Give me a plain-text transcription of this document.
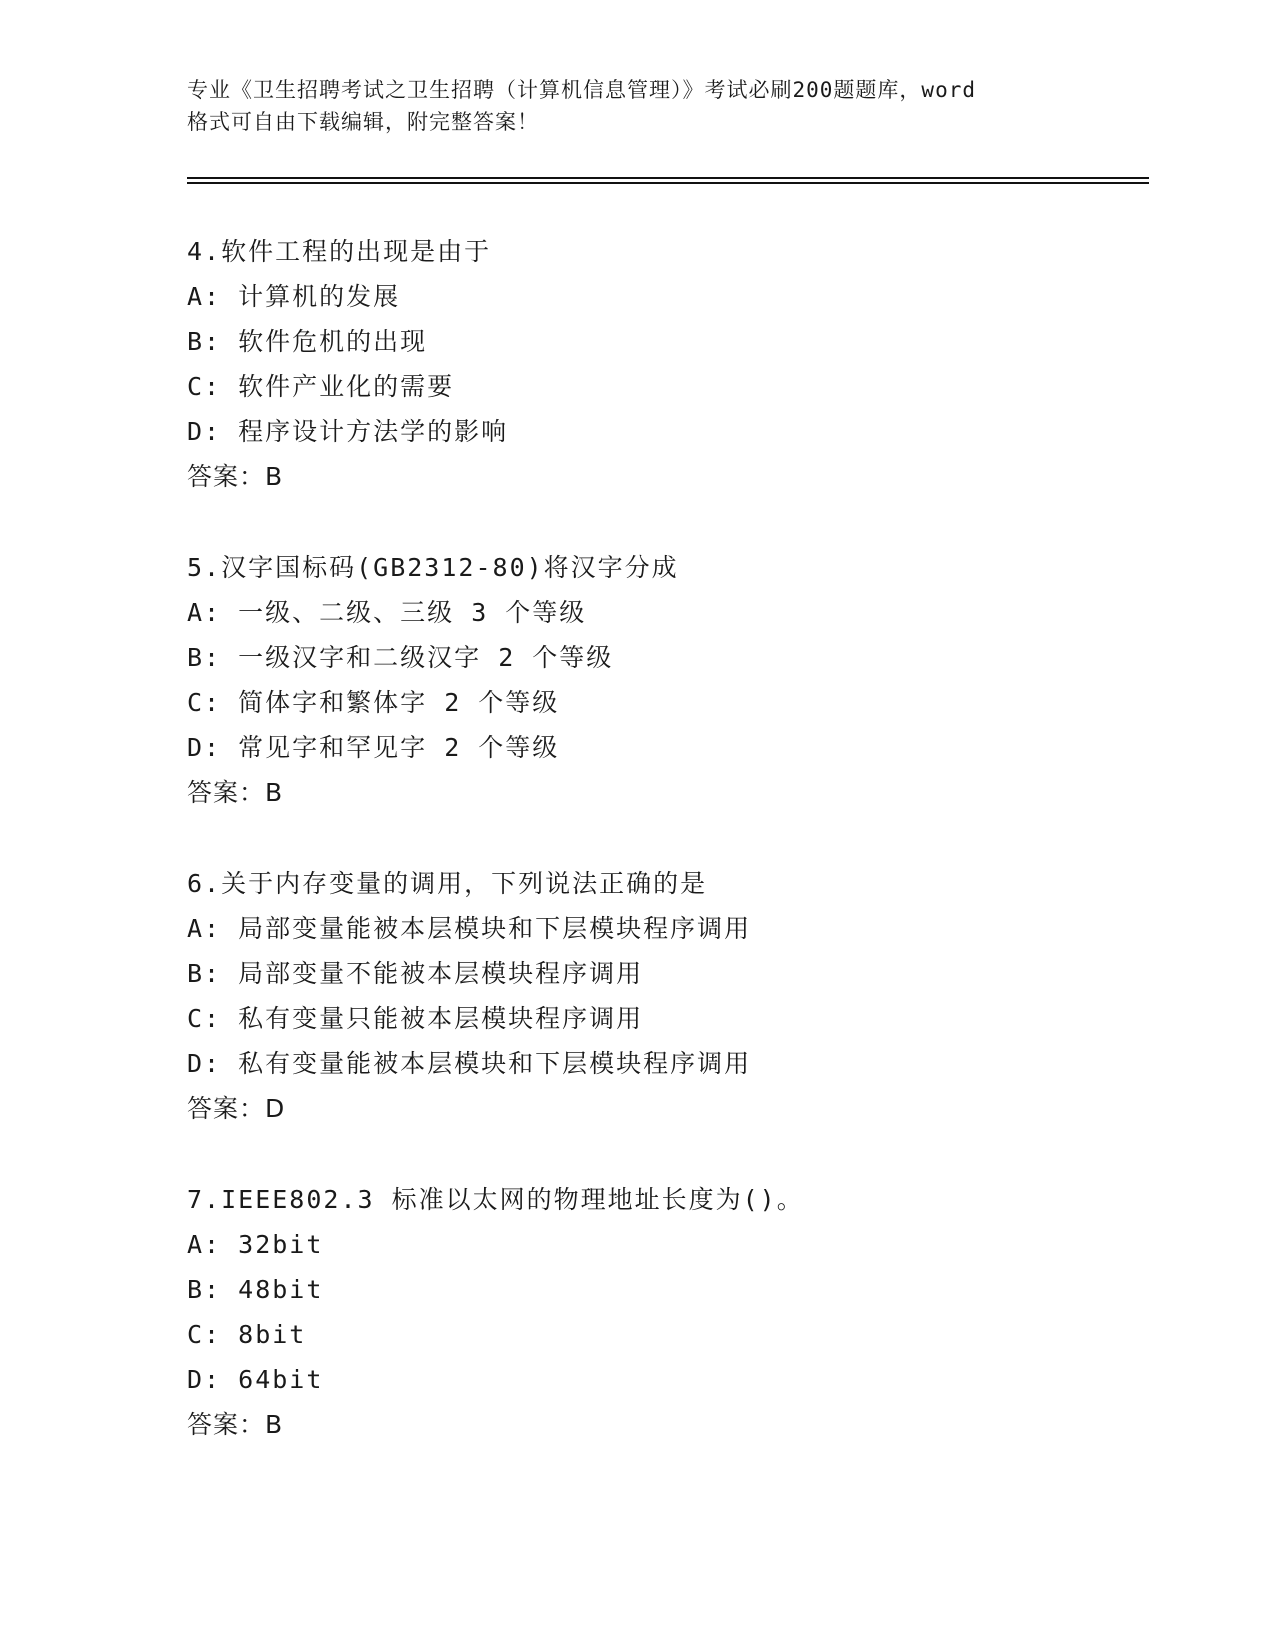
专业《卫生招聘考试之卫生招聘（计算机信息管理）》考试必刷200题题库，word
格式可自由下载编辑，附完整答案！
4.软件工程的出现是由于
A: 计算机的发展
B: 软件危机的出现
C: 软件产业化的需要
D: 程序设计方法学的影响
答案：B
5.汉字国标码(GB2312-80)将汉字分成
A: 一级、二级、三级 3 个等级
B: 一级汉字和二级汉字 2 个等级
C: 简体字和繁体字 2 个等级
D: 常见字和罕见字 2 个等级
答案：B
6.关于内存变量的调用，下列说法正确的是
A: 局部变量能被本层模块和下层模块程序调用
B: 局部变量不能被本层模块程序调用
C: 私有变量只能被本层模块程序调用
D: 私有变量能被本层模块和下层模块程序调用
答案：D
7.IEEE802.3 标准以太网的物理地址长度为()。
A: 32bit
B: 48bit
C: 8bit
D: 64bit
答案：B
